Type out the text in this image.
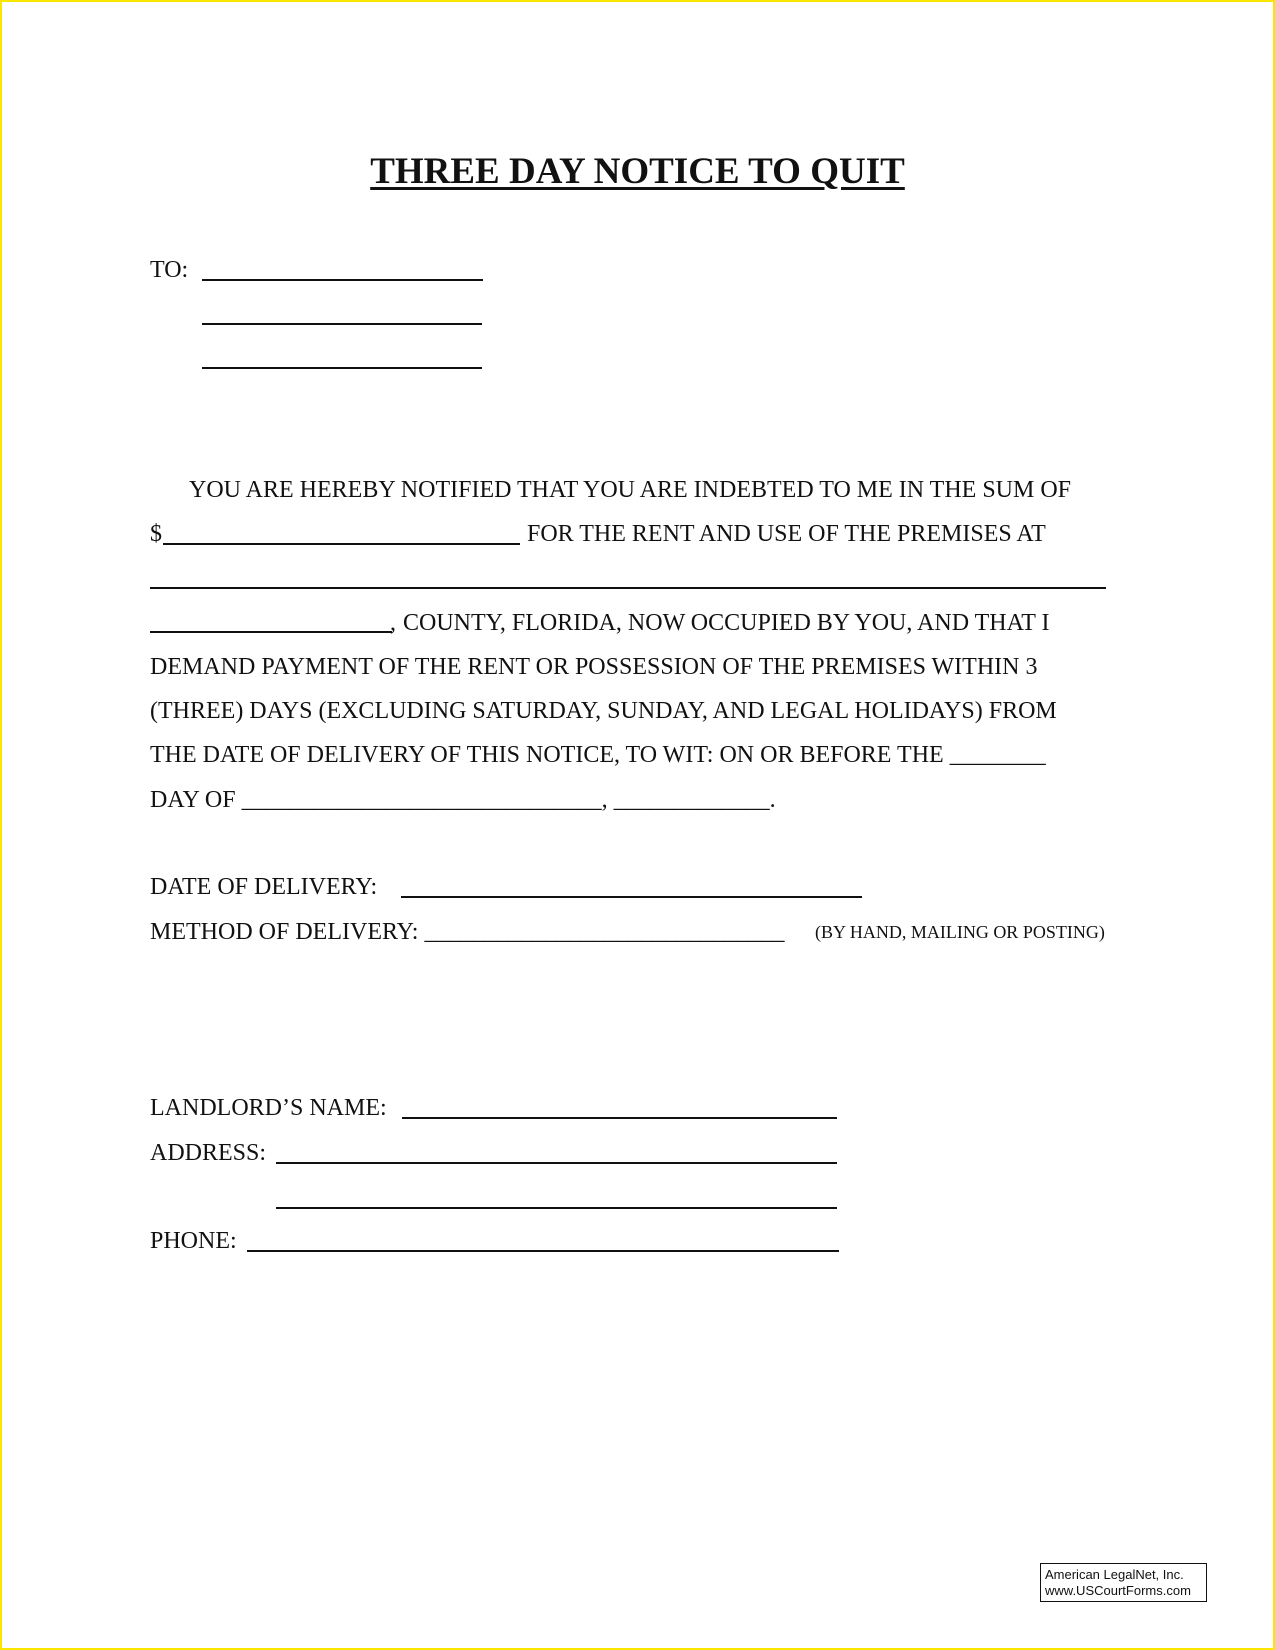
THREE DAY NOTICE TO QUIT
TO:
YOU ARE HEREBY NOTIFIED THAT YOU ARE INDEBTED TO ME IN THE SUM OF
$	FOR THE RENT AND USE OF THE PREMISES AT
, COUNTY, FLORIDA, NOW OCCUPIED BY YOU, AND THAT I
DEMAND PAYMENT OF THE RENT OR POSSESSION OF THE PREMISES WITHIN 3
(THREE) DAYS (EXCLUDING SATURDAY, SUNDAY, AND LEGAL HOLIDAYS) FROM
THE DATE OF DELIVERY OF THIS NOTICE, TO WIT: ON OR BEFORE THE ________
DAY OF ______________________________, _____________.
DATE OF DELIVERY:
METHOD OF DELIVERY: ______________________________ (BY HAND, MAILING OR POSTING)
LANDLORD’S NAME:
ADDRESS:
PHONE:
American LegalNet, Inc.
www.USCourtForms.com
